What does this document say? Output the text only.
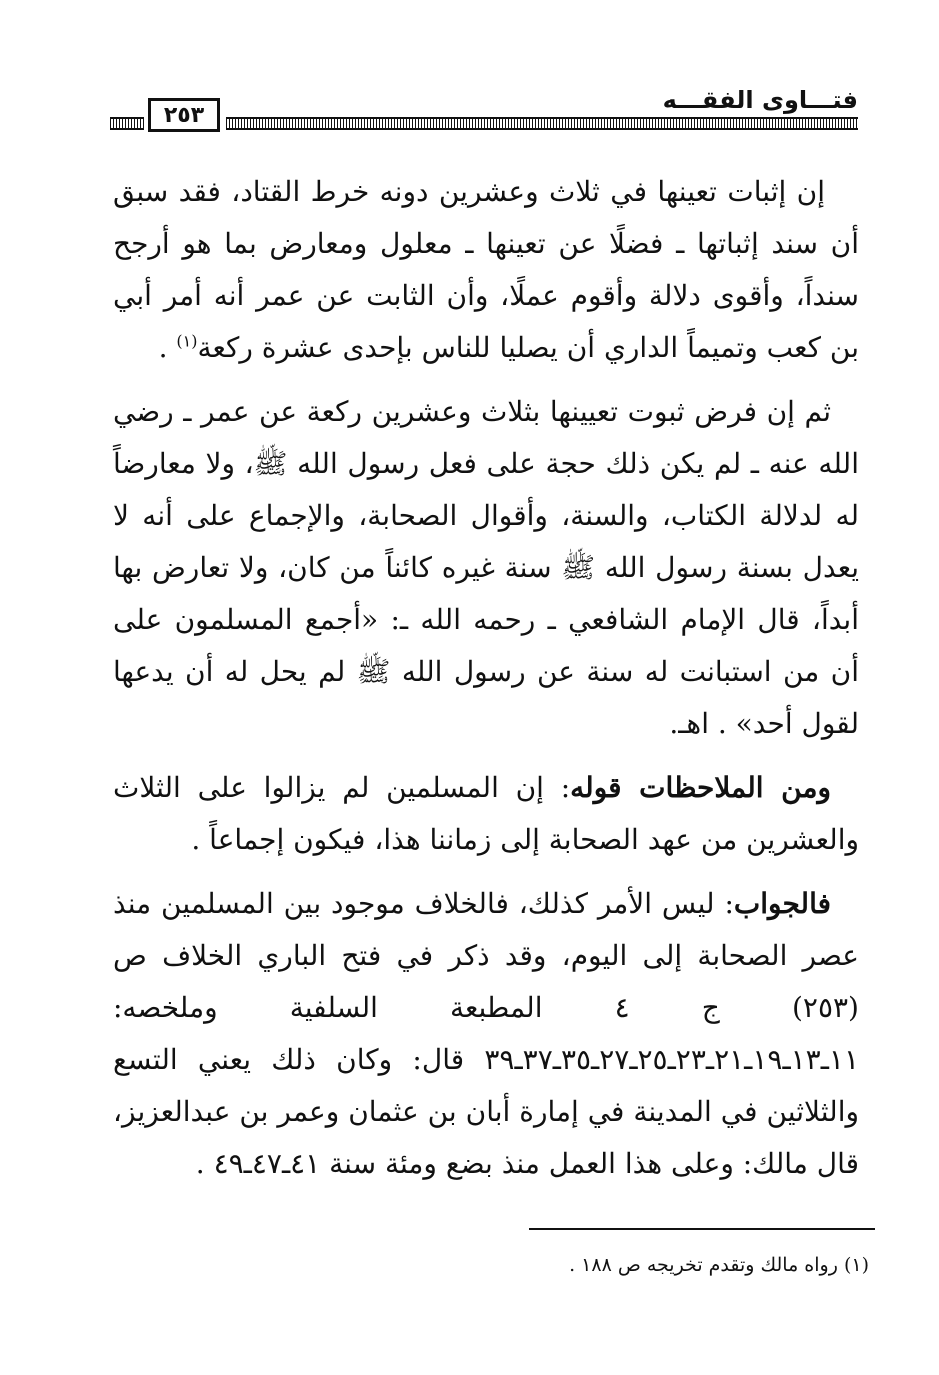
فتـــاوى الفقـــه
٢٥٣

إن إثبات تعينها في ثلاث وعشرين دونه خرط القتاد، فقد سبق أن سند إثباتها ـ فضلًا عن تعينها ـ معلول ومعارض بما هو أرجح سنداً، وأقوى دلالة وأقوم عملًا، وأن الثابت عن عمر أنه أمر أبي بن كعب وتميماً الداري أن يصليا للناس بإحدى عشرة ركعة$^{(١)}$ .

ثم إن فرض ثبوت تعيينها بثلاث وعشرين ركعة عن عمر ـ رضي الله عنه ـ لم يكن ذلك حجة على فعل رسول الله ﷺ، ولا معارضاً له لدلالة الكتاب، والسنة، وأقوال الصحابة، والإجماع على أنه لا يعدل بسنة رسول الله ﷺ سنة غيره كائناً من كان، ولا تعارض بها أبداً، قال الإمام الشافعي ـ رحمه الله ـ: «أجمع المسلمون على أن من استبانت له سنة عن رسول الله ﷺ لم يحل له أن يدعها لقول أحد» . اهـ.

ومن الملاحظات قوله: إن المسلمين لم يزالوا على الثلاث والعشرين من عهد الصحابة إلى زماننا هذا، فيكون إجماعاً .

فالجواب: ليس الأمر كذلك، فالخلاف موجود بين المسلمين منذ عصر الصحابة إلى اليوم، وقد ذكر في فتح الباري الخلاف ص (٢٥٣) ج ٤ المطبعة السلفية وملخصه: ١١ـ١٣ـ١٩ـ٢١ـ٢٣ـ٢٥ـ٢٧ـ٣٥ـ٣٧ـ٣٩ قال: وكان ذلك يعني التسع والثلاثين في المدينة في إمارة أبان بن عثمان وعمر بن عبدالعزيز، قال مالك: وعلى هذا العمل منذ بضع ومئة سنة ٤١ـ٤٧ـ٤٩ .

(١) رواه مالك وتقدم تخريجه ص ١٨٨ .
